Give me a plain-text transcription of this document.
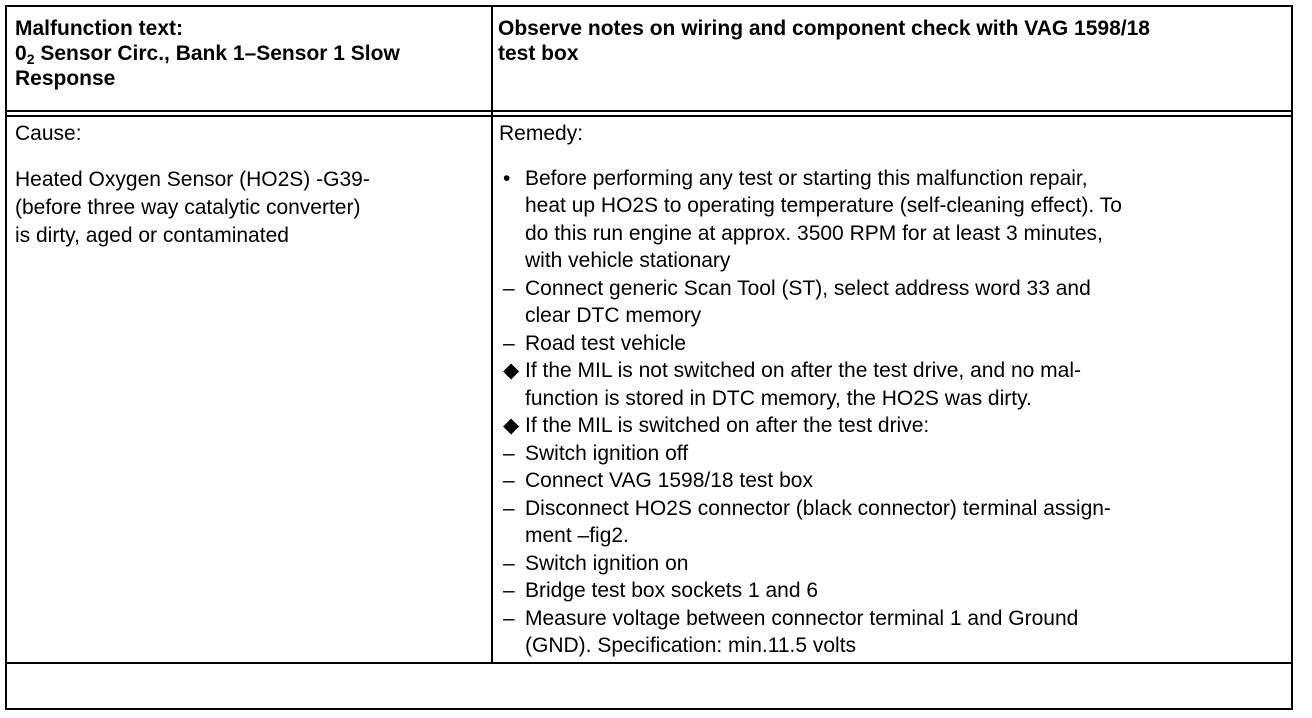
Malfunction text:
$0_2$ Sensor Circ., Bank 1–Sensor 1 Slow
Response
Observe notes on wiring and component check with VAG 1598/18
test box
Cause:
Heated Oxygen Sensor (HO2S) -G39-
(before three way catalytic converter)
is dirty, aged or contaminated
Remedy:
• Before performing any test or starting this malfunction repair,
heat up HO2S to operating temperature (self-cleaning effect). To
do this run engine at approx. 3500 RPM for at least 3 minutes,
with vehicle stationary
– Connect generic Scan Tool (ST), select address word 33 and
clear DTC memory
– Road test vehicle
◆ If the MIL is not switched on after the test drive, and no mal-
function is stored in DTC memory, the HO2S was dirty.
◆ If the MIL is switched on after the test drive:
– Switch ignition off
– Connect VAG 1598/18 test box
– Disconnect HO2S connector (black connector) terminal assign-
ment –fig2.
– Switch ignition on
– Bridge test box sockets 1 and 6
– Measure voltage between connector terminal 1 and Ground
(GND). Specification: min.11.5 volts
